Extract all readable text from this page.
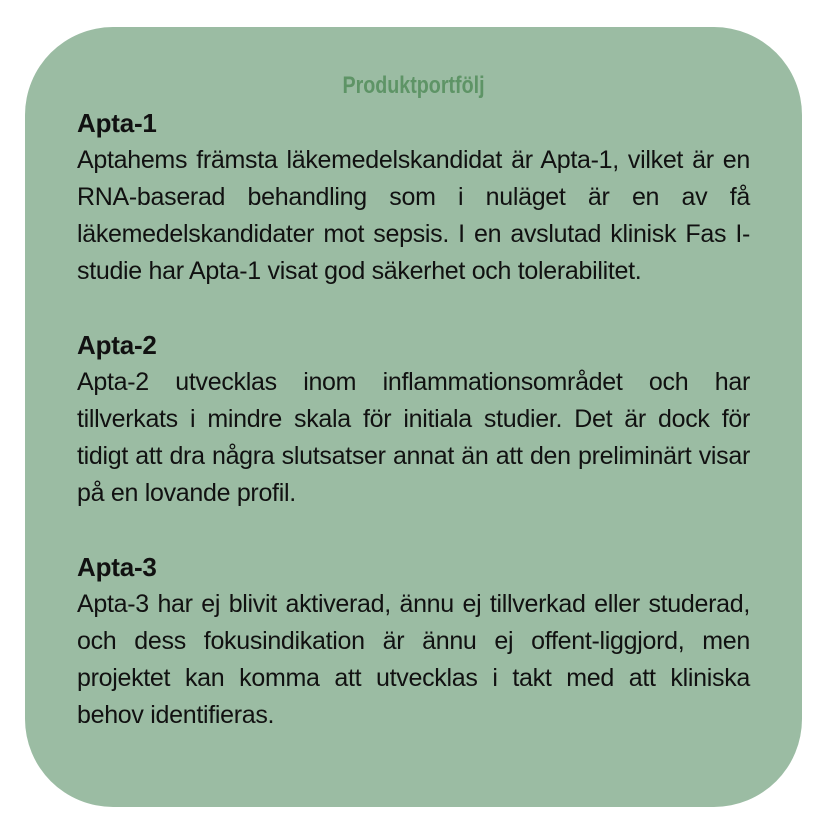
Produktportfölj
Apta-1

Aptahems främsta läkemedelskandidat är Apta-1, vilket är en RNA-baserad behandling som i nuläget är en av få läkemedelskandidater mot sepsis. I en avslutad klinisk Fas I-studie har Apta-1 visat god säkerhet och tolerabilitet.

Apta-2

Apta-2 utvecklas inom inflammationsområdet och har tillverkats i mindre skala för initiala studier. Det är dock för tidigt att dra några slutsatser annat än att den preliminärt visar på en lovande profil.

Apta-3

Apta-3 har ej blivit aktiverad, ännu ej tillverkad eller studerad, och dess fokusindikation är ännu ej offent-liggjord, men projektet kan komma att utvecklas i takt med att kliniska behov identifieras.
